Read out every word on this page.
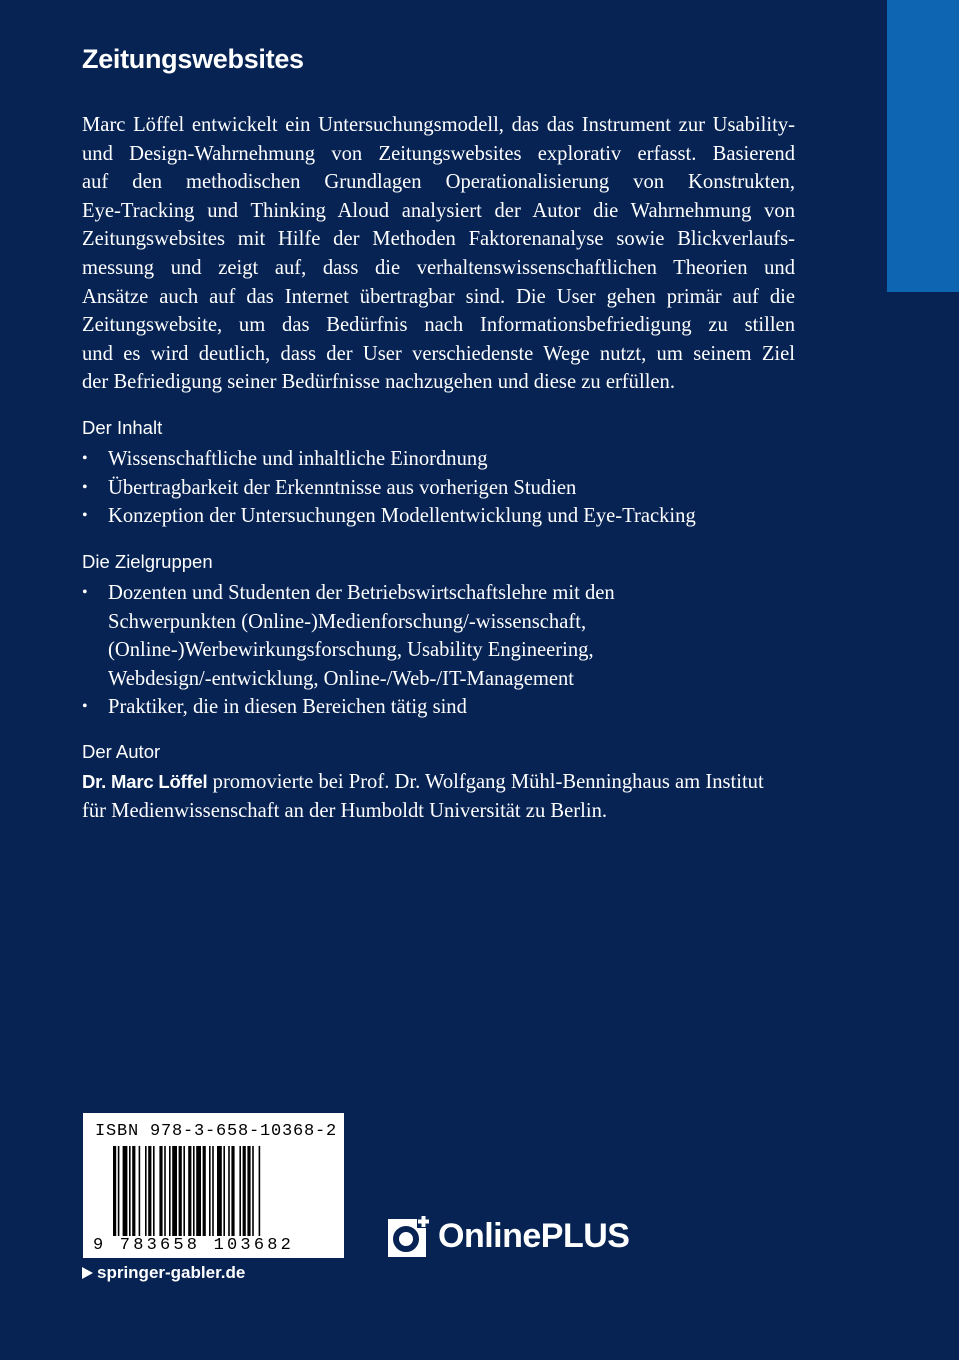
Zeitungswebsites

Marc Löffel entwickelt ein Untersuchungsmodell, das das Instrument zur Usability-
und Design-Wahrnehmung von Zeitungswebsites explorativ erfasst. Basierend
auf den methodischen Grundlagen Operationalisierung von Konstrukten,
Eye-Tracking und Thinking Aloud analysiert der Autor die Wahrnehmung von
Zeitungswebsites mit Hilfe der Methoden Faktorenanalyse sowie Blickverlaufs-
messung und zeigt auf, dass die verhaltenswissenschaftlichen Theorien und
Ansätze auch auf das Internet übertragbar sind. Die User gehen primär auf die
Zeitungswebsite, um das Bedürfnis nach Informationsbefriedigung zu stillen
und es wird deutlich, dass der User verschiedenste Wege nutzt, um seinem Ziel
der Befriedigung seiner Bedürfnisse nachzugehen und diese zu erfüllen.

Der Inhalt
• Wissenschaftliche und inhaltliche Einordnung
• Übertragbarkeit der Erkenntnisse aus vorherigen Studien
• Konzeption der Untersuchungen Modellentwicklung und Eye-Tracking
Die Zielgruppen
• Dozenten und Studenten der Betriebswirtschaftslehre mit den
Schwerpunkten (Online-)Medienforschung/-wissenschaft,
(Online-)Werbewirkungsforschung, Usability Engineering,
Webdesign/-entwicklung, Online-/Web-/IT-Management
• Praktiker, die in diesen Bereichen tätig sind
Der Autor

Dr. Marc Löffel promovierte bei Prof. Dr. Wolfgang Mühl-Benninghaus am Institut
für Medienwissenschaft an der Humboldt Universität zu Berlin.

ISBN 978-3-658-10368-2
9 783658 103682
springer-gabler.de
OnlinePLUS
